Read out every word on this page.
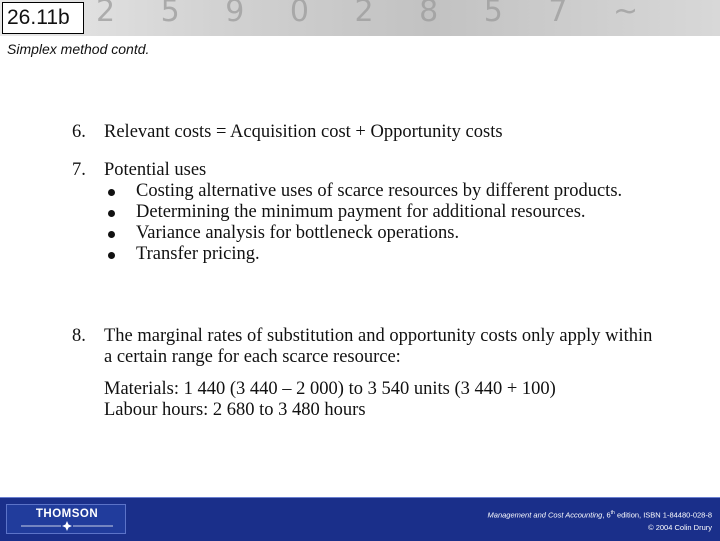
2 5 9 0 2 8 5 7 ~
26.11b
Simplex method contd.
6. Relevant costs = Acquisition cost + Opportunity costs
7. Potential uses
Costing alternative uses of scarce resources by different products.
Determining the minimum payment for additional resources.
Variance analysis for bottleneck operations.
Transfer pricing.
8. The marginal rates of substitution and opportunity costs only apply within a certain range for each scarce resource:
Materials: 1 440 (3 440 – 2 000) to 3 540 units (3 440 + 100)
Labour hours: 2 680 to 3 480 hours
THOMSON	Management and Cost Accounting, 6th edition, ISBN 1-84480-028-8
© 2004 Colin Drury
